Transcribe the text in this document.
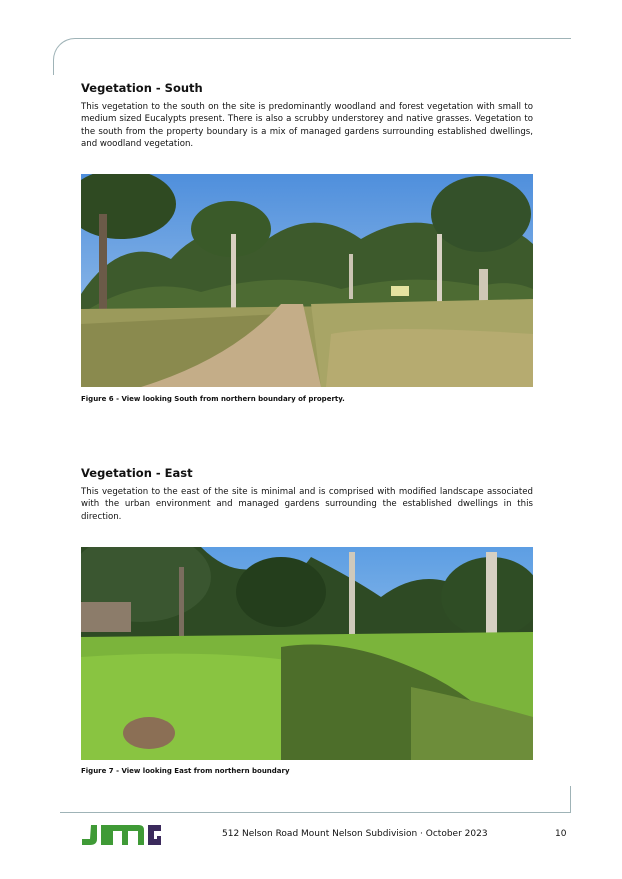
Vegetation - South

This vegetation to the south on the site is predominantly woodland and forest vegetation with small to medium sized Eucalypts present. There is also a scrubby understorey and native grasses. Vegetation to the south from the property boundary is a mix of managed gardens surrounding established dwellings, and woodland vegetation.

Figure 6 - View looking South from northern boundary of property.

Vegetation - East

This vegetation to the east of the site is minimal and is comprised with modified landscape associated with the urban environment and managed gardens surrounding the established dwellings in this direction.

Figure 7 - View looking East from northern boundary

512 Nelson Road Mount Nelson Subdivision · October 2023	10
